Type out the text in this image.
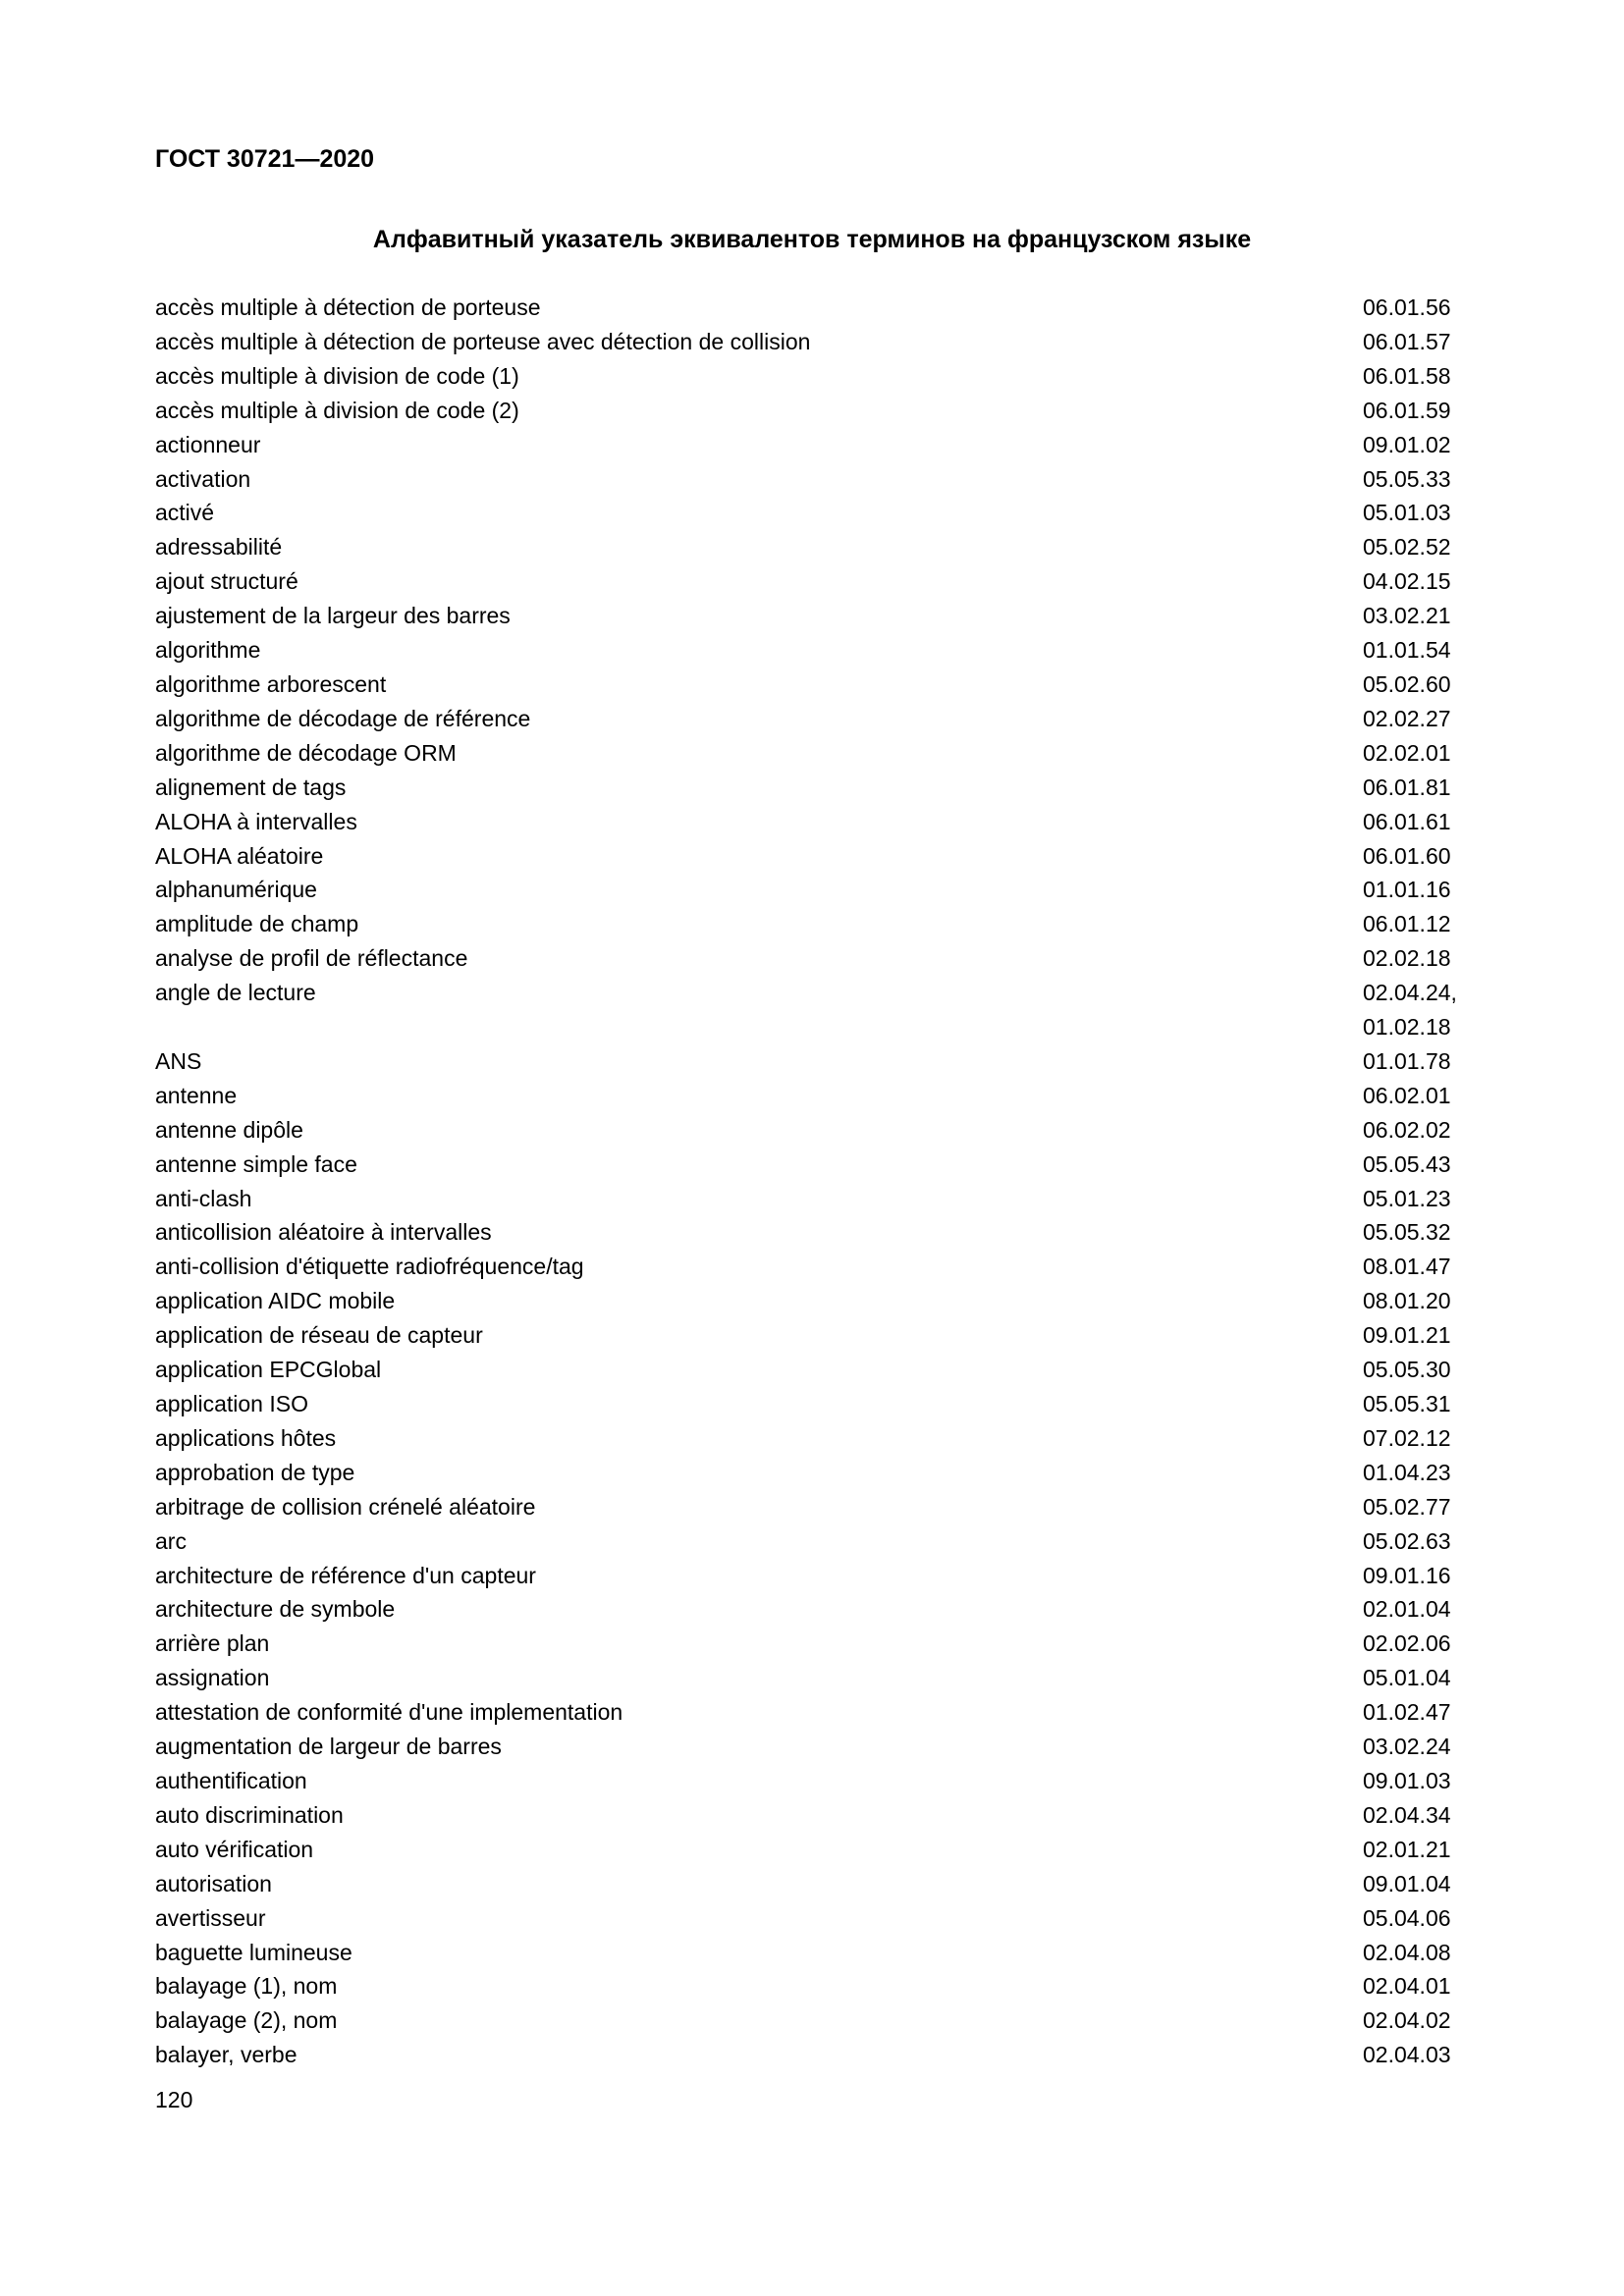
ГОСТ 30721—2020
Алфавитный указатель эквивалентов терминов на французском языке
accès multiple à détection de porteuse	06.01.56
accès multiple à détection de porteuse avec détection de collision	06.01.57
accès multiple à division de code (1)	06.01.58
accès multiple à division de code (2)	06.01.59
actionneur	09.01.02
activation	05.05.33
activé	05.01.03
adressabilité	05.02.52
ajout structuré	04.02.15
ajustement de la largeur des barres	03.02.21
algorithme	01.01.54
algorithme arborescent	05.02.60
algorithme de décodage de référence	02.02.27
algorithme de décodage ORM	02.02.01
alignement de tags	06.01.81
ALOHA à intervalles	06.01.61
ALOHA aléatoire	06.01.60
alphanumérique	01.01.16
amplitude de champ	06.01.12
analyse de profil de réflectance	02.02.18
angle de lecture	02.04.24,
01.02.18
ANS	01.01.78
antenne	06.02.01
antenne dipôle	06.02.02
antenne simple face	05.05.43
anti-clash	05.01.23
anticollision aléatoire à intervalles	05.05.32
anti-collision d'étiquette radiofréquence/tag	08.01.47
application AIDC mobile	08.01.20
application de réseau de capteur	09.01.21
application EPCGlobal	05.05.30
application ISO	05.05.31
applications hôtes	07.02.12
approbation de type	01.04.23
arbitrage de collision crénelé aléatoire	05.02.77
arc	05.02.63
architecture de référence d'un capteur	09.01.16
architecture de symbole	02.01.04
arrière plan	02.02.06
assignation	05.01.04
attestation de conformité d'une implementation	01.02.47
augmentation de largeur de barres	03.02.24
authentification	09.01.03
auto discrimination	02.04.34
auto vérification	02.01.21
autorisation	09.01.04
avertisseur	05.04.06
baguette lumineuse	02.04.08
balayage (1), nom	02.04.01
balayage (2), nom	02.04.02
balayer, verbe	02.04.03
120
